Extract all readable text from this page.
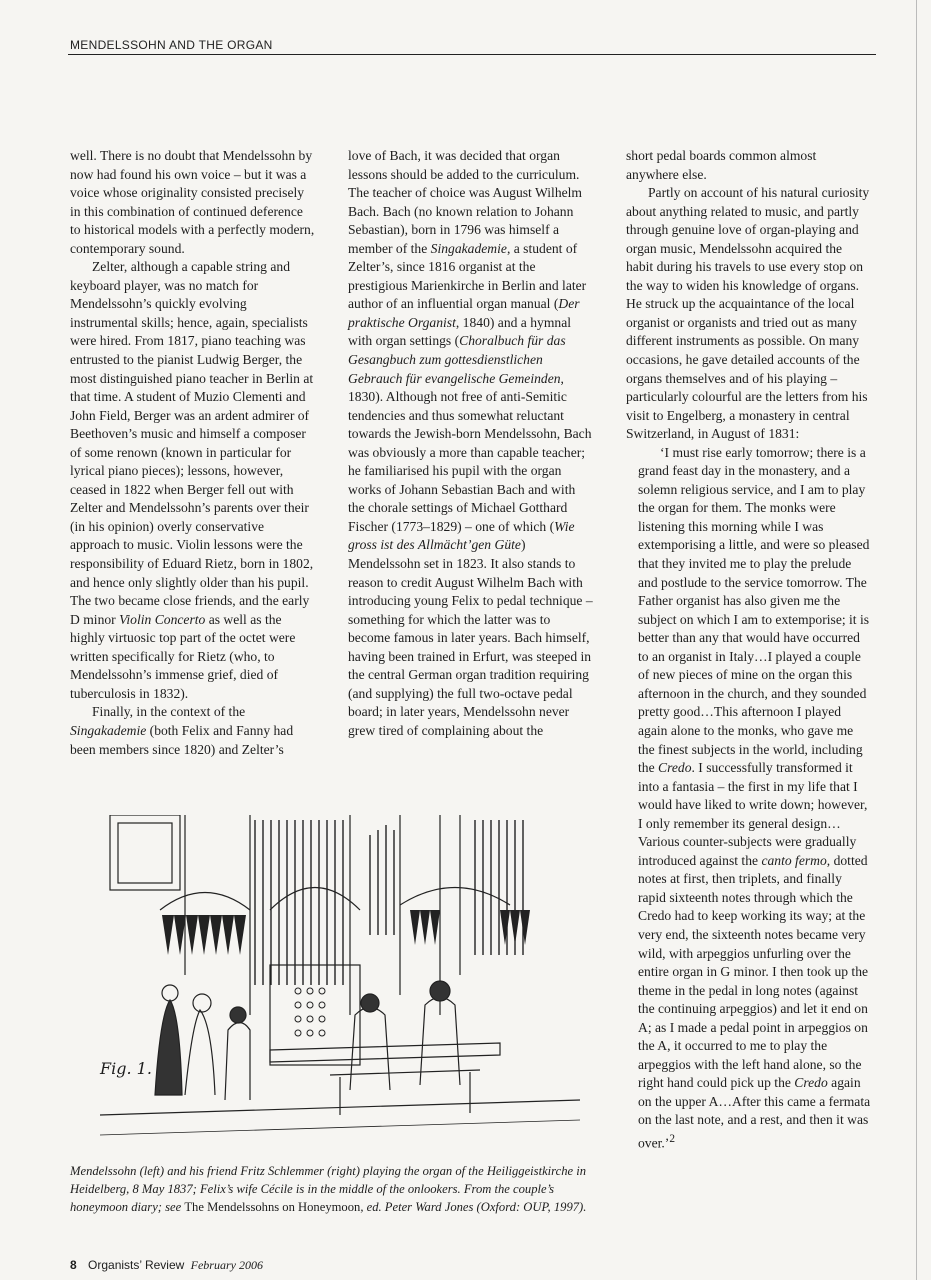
MENDELSSOHN AND THE ORGAN

well. There is no doubt that Mendelssohn by now had found his own voice – but it was a voice whose originality consisted precisely in this combination of continued deference to historical models with a perfectly modern, contemporary sound.

Zelter, although a capable string and keyboard player, was no match for Mendelssohn’s quickly evolving instrumental skills; hence, again, specialists were hired. From 1817, piano teaching was entrusted to the pianist Ludwig Berger, the most distinguished piano teacher in Berlin at that time. A student of Muzio Clementi and John Field, Berger was an ardent admirer of Beethoven’s music and himself a composer of some renown (known in particular for lyrical piano pieces); lessons, however, ceased in 1822 when Berger fell out with Zelter and Mendelssohn’s parents over their (in his opinion) overly conservative approach to music. Violin lessons were the responsibility of Eduard Rietz, born in 1802, and hence only slightly older than his pupil. The two became close friends, and the early D minor Violin Concerto as well as the highly virtuosic top part of the octet were written specifically for Rietz (who, to Mendelssohn’s immense grief, died of tuberculosis in 1832).

Finally, in the context of the Singakademie (both Felix and Fanny had been members since 1820) and Zelter’s

love of Bach, it was decided that organ lessons should be added to the curriculum. The teacher of choice was August Wilhelm Bach. Bach (no known relation to Johann Sebastian), born in 1796 was himself a member of the Singakademie, a student of Zelter’s, since 1816 organist at the prestigious Marienkirche in Berlin and later author of an influential organ manual (Der praktische Organist, 1840) and a hymnal with organ settings (Choralbuch für das Gesangbuch zum gottesdienstlichen Gebrauch für evangelische Gemeinden, 1830). Although not free of anti-Semitic tendencies and thus somewhat reluctant towards the Jewish-born Mendelssohn, Bach was obviously a more than capable teacher; he familiarised his pupil with the organ works of Johann Sebastian Bach and with the chorale settings of Michael Gotthard Fischer (1773–1829) – one of which (Wie gross ist des Allmächt’gen Güte) Mendelssohn set in 1823. It also stands to reason to credit August Wilhelm Bach with introducing young Felix to pedal technique – something for which the latter was to become famous in later years. Bach himself, having been trained in Erfurt, was steeped in the central German organ tradition requiring (and supplying) the full two-octave pedal board; in later years, Mendelssohn never grew tired of complaining about the

short pedal boards common almost anywhere else.

Partly on account of his natural curiosity about anything related to music, and partly through genuine love of organ-playing and organ music, Mendelssohn acquired the habit during his travels to use every stop on the way to widen his knowledge of organs. He struck up the acquaintance of the local organist or organists and tried out as many different instruments as possible. On many occasions, he gave detailed accounts of the organs themselves and of his playing – particularly colourful are the letters from his visit to Engelberg, a monastery in central Switzerland, in August of 1831:

‘I must rise early tomorrow; there is a grand feast day in the monastery, and a solemn religious service, and I am to play the organ for them. The monks were listening this morning while I was extemporising a little, and were so pleased that they invited me to play the prelude and postlude to the service tomorrow. The Father organist has also given me the subject on which I am to extemporise; it is better than any that would have occurred to an organist in Italy…I played a couple of new pieces of mine on the organ this afternoon in the church, and they sounded pretty good…This afternoon I played again alone to the monks, who gave me the finest subjects in the world, including the Credo. I successfully transformed it into a fantasia – the first in my life that I would have liked to write down; however, I only remember its general design…Various counter-subjects were gradually introduced against the canto fermo, dotted notes at first, then triplets, and finally rapid sixteenth notes through which the Credo had to keep working its way; at the very end, the sixteenth notes became very wild, with arpeggios unfurling over the entire organ in G minor. I then took up the theme in the pedal in long notes (against the continuing arpeggios) and let it end on A; as I made a pedal point in arpeggios on the A, it occurred to me to play the arpeggios with the left hand alone, so the right hand could pick up the Credo again on the upper A…After this came a fermata on the last note, and a rest, and then it was over.’$^2$

Fig. 1.
Mendelssohn (left) and his friend Fritz Schlemmer (right) playing the organ of the Heiliggeistkirche in Heidelberg, 8 May 1837; Felix’s wife Cécile is in the middle of the onlookers. From the couple’s honeymoon diary; see The Mendelssohns on Honeymoon, ed. Peter Ward Jones (Oxford: OUP, 1997).
8 Organists’ Review February 2006
